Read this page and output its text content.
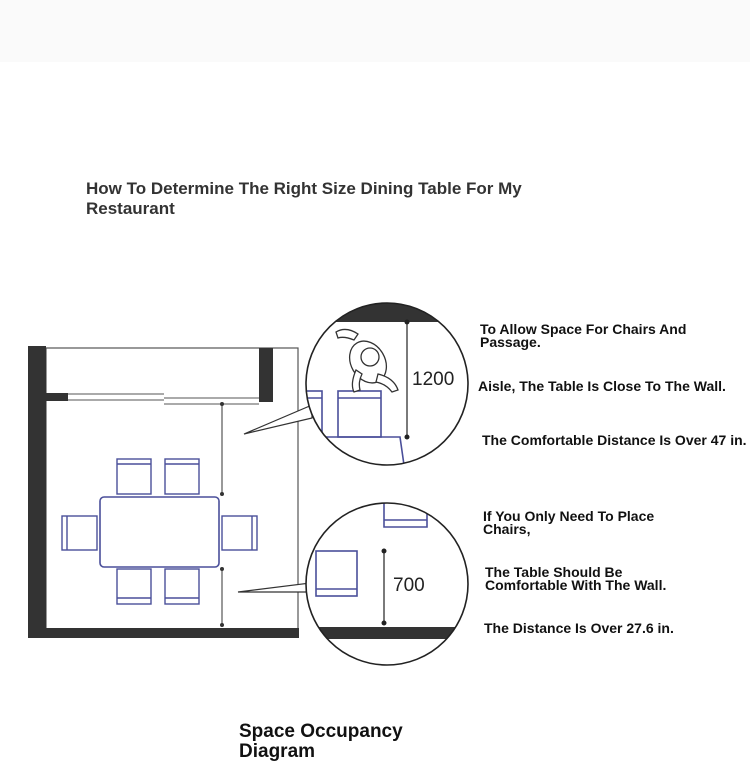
How To Determine The Right Size Dining Table For My Restaurant
1200
700
To Allow Space For Chairs And Passage.
Aisle, The Table Is Close To The Wall.
The Comfortable Distance Is Over 47 in.
If You Only Need To Place Chairs,
The Table Should Be Comfortable With The Wall.
The Distance Is Over 27.6 in.
Space Occupancy Diagram
